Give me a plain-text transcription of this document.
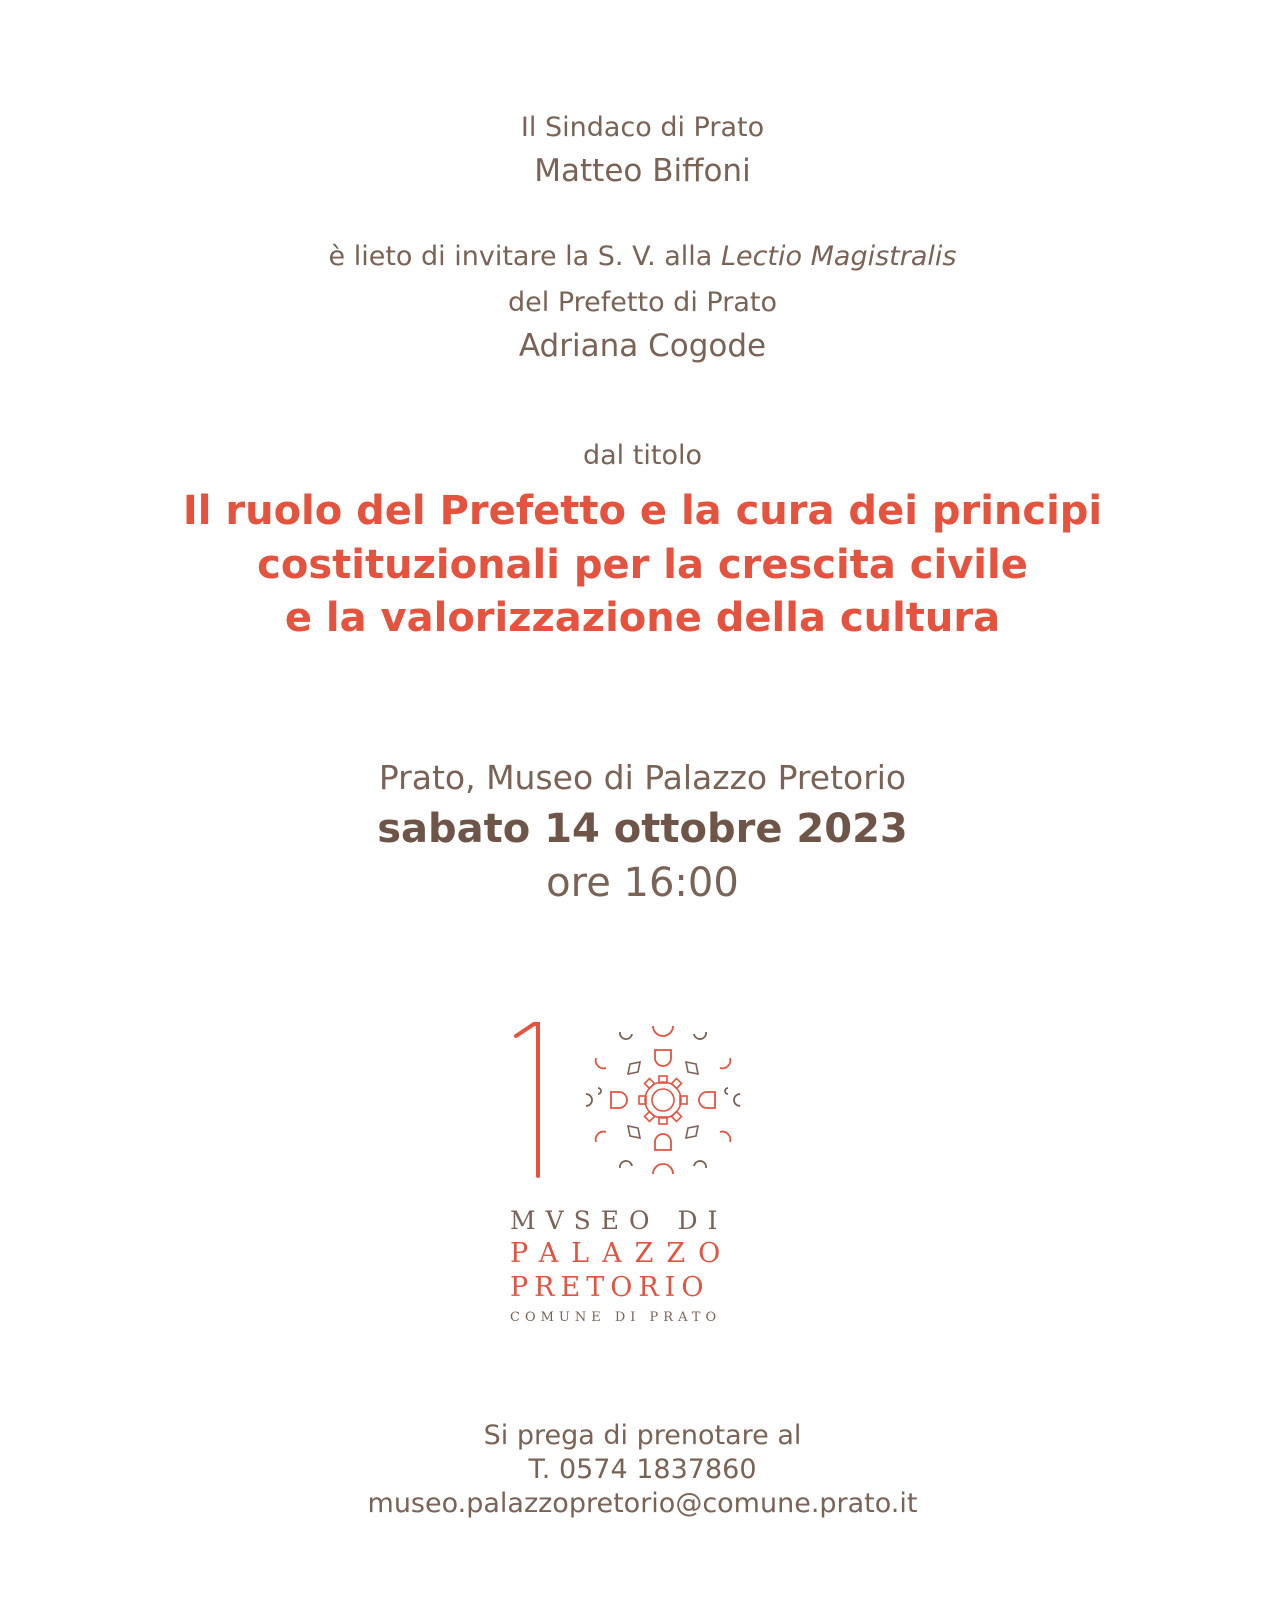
Il Sindaco di Prato
Matteo Biffoni
è lieto di invitare la S. V. alla Lectio Magistralis
del Prefetto di Prato
Adriana Cogode
dal titolo
Il ruolo del Prefetto e la cura dei principi
costituzionali per la crescita civile
e la valorizzazione della cultura
Prato, Museo di Palazzo Pretorio
sabato 14 ottobre 2023
ore 16:00
MVSEO DI
PALAZZO
PRETORIO
COMUNE DI PRATO
Si prega di prenotare al
T. 0574 1837860
museo.palazzopretorio@comune.prato.it
